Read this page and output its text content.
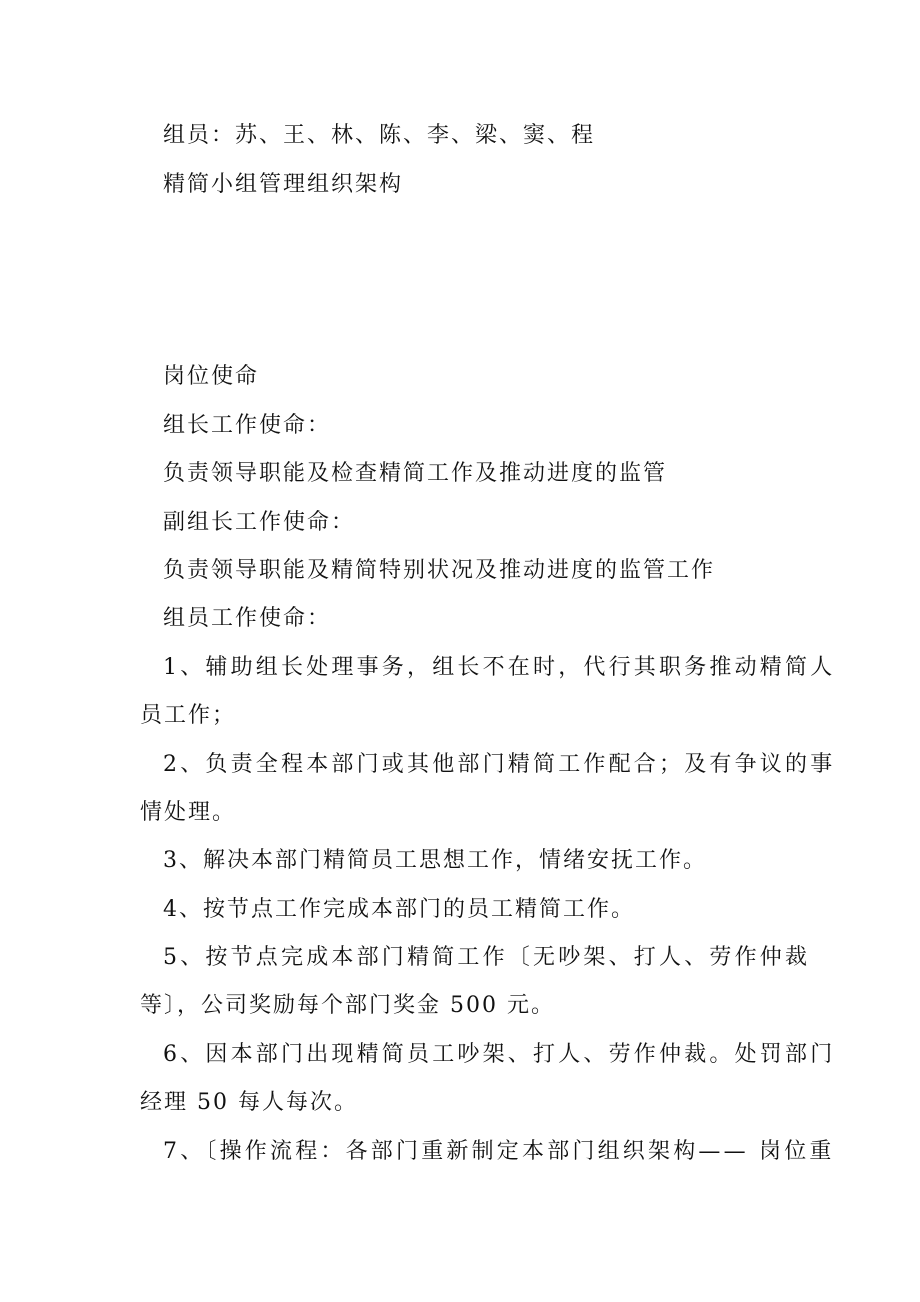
组员：苏、王、林、陈、李、梁、窦、程
精简小组管理组织架构
岗位使命
组长工作使命：
负责领导职能及检查精简工作及推动进度的监管
副组长工作使命：
负责领导职能及精简特别状况及推动进度的监管工作
组员工作使命：
1、辅助组长处理事务，组长不在时，代行其职务推动精简人
员工作；
2、负责全程本部门或其他部门精简工作配合；及有争议的事
情处理。
3、解决本部门精简员工思想工作，情绪安抚工作。
4、按节点工作完成本部门的员工精简工作。
5、按节点完成本部门精简工作〔无吵架、打人、劳作仲裁
等〕，公司奖励每个部门奖金 500 元。
6、因本部门出现精简员工吵架、打人、劳作仲裁。处罚部门
经理 50 每人每次。
7、〔操作流程：各部门重新制定本部门组织架构—— 岗位重
